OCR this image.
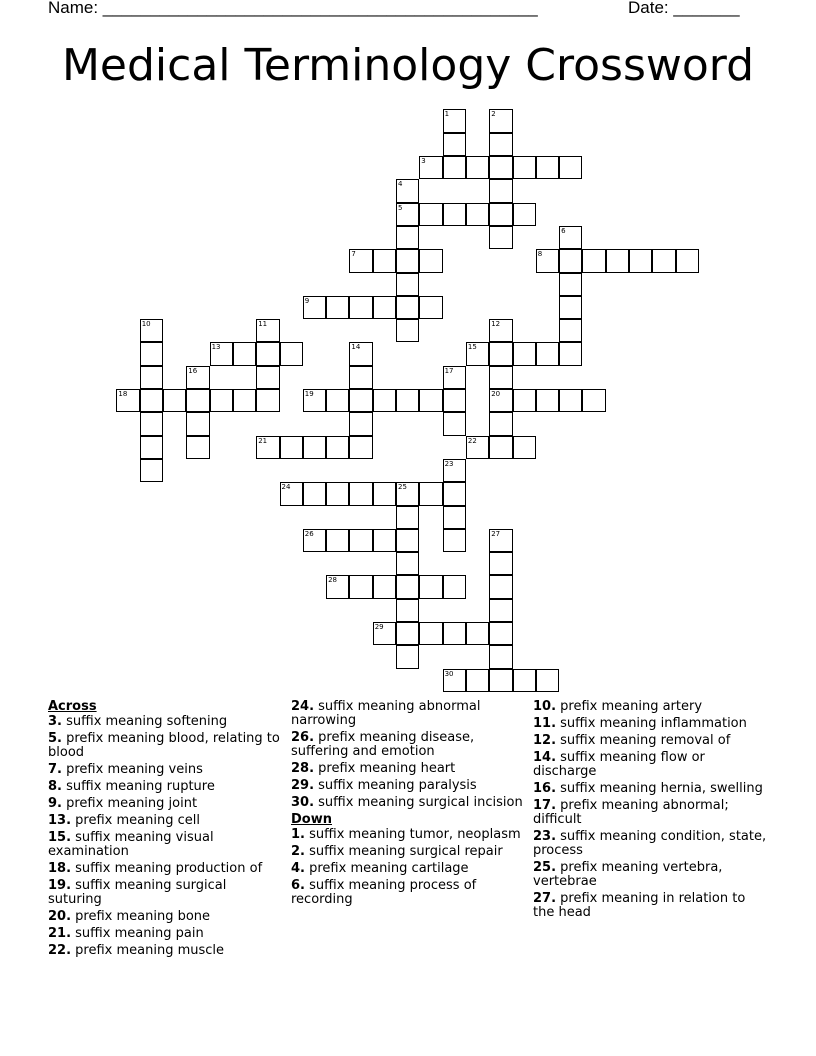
Name: ______________________________________________	Date: _______
Medical Terminology Crossword
1	2
3
4
5
6
7	8
9
10	11	12
20
13	14	15
16	17
18	19
21	22
23
24	25
26	27
28
29
30
Across
3. suffix meaning softening
5. prefix meaning blood, relating to blood
7. prefix meaning veins
8. suffix meaning rupture
9. prefix meaning joint
13. prefix meaning cell
15. suffix meaning visual examination
18. suffix meaning production of
19. suffix meaning surgical suturing
20. prefix meaning bone
21. suffix meaning pain
22. prefix meaning muscle
24. suffix meaning abnormal narrowing
26. prefix meaning disease, suffering and emotion
28. prefix meaning heart
29. suffix meaning paralysis
30. suffix meaning surgical incision
Down
1. suffix meaning tumor, neoplasm
2. suffix meaning surgical repair
4. prefix meaning cartilage
6. suffix meaning process of recording
10. prefix meaning artery
11. suffix meaning inflammation
12. suffix meaning removal of
14. suffix meaning flow or discharge
16. suffix meaning hernia, swelling
17. prefix meaning abnormal; difficult
23. suffix meaning condition, state, process
25. prefix meaning vertebra, vertebrae
27. prefix meaning in relation to the head
